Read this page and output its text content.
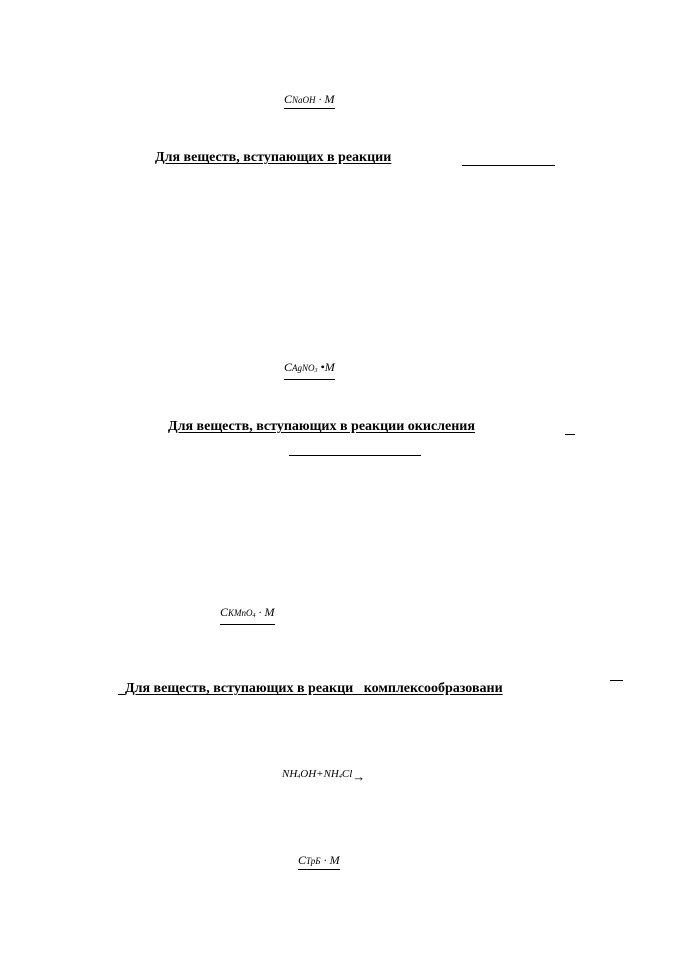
CNaOH · M
Для веществ, вступающих в реакции
CAgNO3 •M
Для веществ, вступающих в реакции окисления
CKMnO4 · M

Для веществ, вступающих в реакци   комплексообразовани

NH4OH+NH4Cl→
CТрБ · M
